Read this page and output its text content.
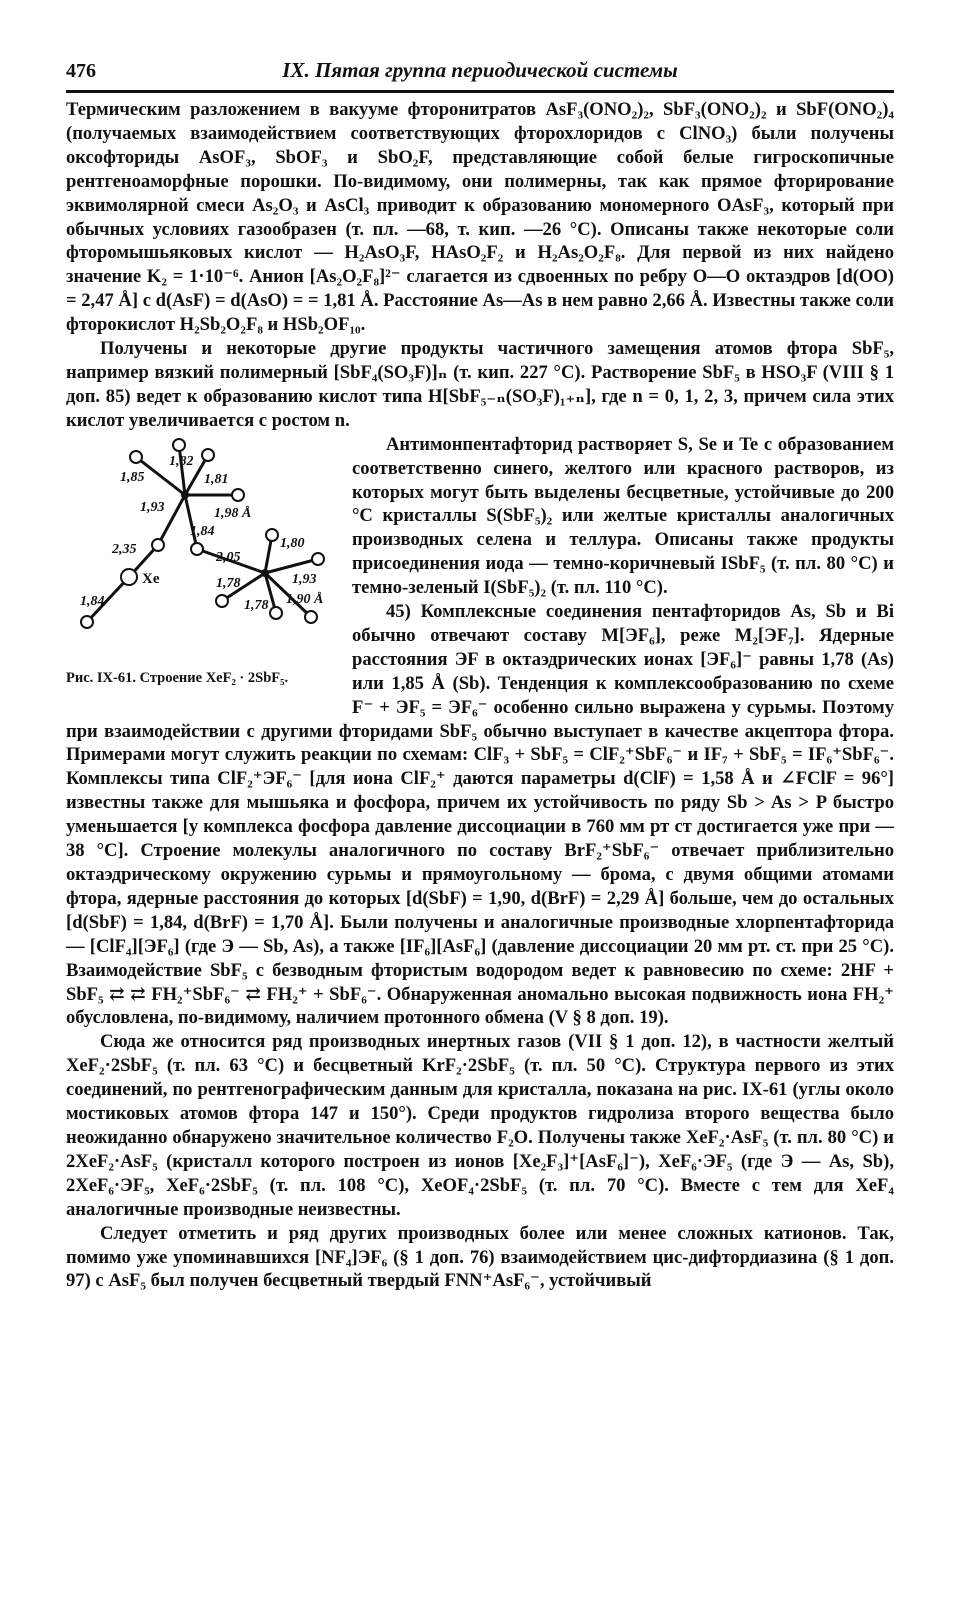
476	IX. Пятая группа периодической системы

Термическим разложением в вакууме фторонитратов AsF₃(ONO₂)₂, SbF₃(ONO₂)₂ и SbF(ONO₂)₄ (получаемых взаимодействием соответствующих фторохлоридов с ClNO₃) были получены оксофториды AsOF₃, SbOF₃ и SbO₂F, представляющие собой белые гигроскопичные рентгеноаморфные порошки. По-видимому, они полимерны, так как прямое фторирование эквимолярной смеси As₂O₃ и AsCl₃ приводит к образованию мономерного OAsF₃, который при обычных условиях газообразен (т. пл. —68, т. кип. —26 °C). Описаны также некоторые соли фторомышьяковых кислот — H₂AsO₃F, HAsO₂F₂ и H₂As₂O₂F₈. Для первой из них найдено значение K₂ = 1·10⁻⁶. Анион [As₂O₂F₈]²⁻ слагается из сдвоенных по ребру O—O октаэдров [d(OO) = 2,47 Å] с d(AsF) = d(AsO) = = 1,81 Å. Расстояние As—As в нем равно 2,66 Å. Известны также соли фторокислот H₂Sb₂O₂F₈ и HSb₂OF₁₀.

Получены и некоторые другие продукты частичного замещения атомов фтора SbF₅, например вязкий полимерный [SbF₄(SO₃F)]ₙ (т. кип. 227 °C). Растворение SbF₅ в HSO₃F (VIII § 1 доп. 85) ведет к образованию кислот типа H[SbF₅₋ₙ(SO₃F)₁₊ₙ], где n = 0, 1, 2, 3, причем сила этих кислот увеличивается с ростом n.

1,85
1,82
1,81
1,93	1,98 Å
1,84
1,80
2,35
2,05
1,93
Xe	1,78
1,90 Å
1,84	1,78
Рис. IX-61. Строение XeF₂ · 2SbF₅.

Антимонпентафторид растворяет S, Se и Te с образованием соответственно синего, желтого или красного растворов, из которых могут быть выделены бесцветные, устойчивые до 200 °C кристаллы S(SbF₅)₂ или желтые кристаллы аналогичных производных селена и теллура. Описаны также продукты присоединения иода — темно-коричневый ISbF₅ (т. пл. 80 °C) и темно-зеленый I(SbF₅)₂ (т. пл. 110 °C).

45) Комплексные соединения пентафторидов As, Sb и Bi обычно отвечают составу M[ЭF₆], реже M₂[ЭF₇]. Ядерные расстояния ЭF в октаэдрических ионах [ЭF₆]⁻ равны 1,78 (As) или 1,85 Å (Sb). Тенденция к комплексообразованию по схеме F⁻ + ЭF₅ = ЭF₆⁻ особенно сильно выражена у сурьмы. Поэтому при взаимодействии с другими фторидами SbF₅ обычно выступает в качестве акцептора фтора. Примерами могут служить реакции по схемам: ClF₃ + SbF₅ = ClF₂⁺SbF₆⁻ и IF₇ + SbF₅ = IF₆⁺SbF₆⁻. Комплексы типа ClF₂⁺ЭF₆⁻ [для иона ClF₂⁺ даются параметры d(ClF) = 1,58 Å и ∠FClF = 96°] известны также для мышьяка и фосфора, причем их устойчивость по ряду Sb > As > P быстро уменьшается [у комплекса фосфора давление диссоциации в 760 мм рт ст достигается уже при —38 °C]. Строение молекулы аналогичного по составу BrF₂⁺SbF₆⁻ отвечает приблизительно октаэдрическому окружению сурьмы и прямоугольному — брома, с двумя общими атомами фтора, ядерные расстояния до которых [d(SbF) = 1,90, d(BrF) = 2,29 Å] больше, чем до остальных [d(SbF) = 1,84, d(BrF) = 1,70 Å]. Были получены и аналогичные производные хлорпентафторида — [ClF₄][ЭF₆] (где Э — Sb, As), а также [IF₆][AsF₆] (давление диссоциации 20 мм рт. ст. при 25 °C). Взаимодействие SbF₅ с безводным фтористым водородом ведет к равновесию по схеме: 2HF + SbF₅ ⇄ ⇄ FH₂⁺SbF₆⁻ ⇄ FH₂⁺ + SbF₆⁻. Обнаруженная аномально высокая подвижность иона FH₂⁺ обусловлена, по-видимому, наличием протонного обмена (V § 8 доп. 19).

Сюда же относится ряд производных инертных газов (VII § 1 доп. 12), в частности желтый XeF₂·2SbF₅ (т. пл. 63 °C) и бесцветный KrF₂·2SbF₅ (т. пл. 50 °C). Структура первого из этих соединений, по рентгенографическим данным для кристалла, показана на рис. IX-61 (углы около мостиковых атомов фтора 147 и 150°). Среди продуктов гидролиза второго вещества было неожиданно обнаружено значительное количество F₂O. Получены также XeF₂·AsF₅ (т. пл. 80 °C) и 2XeF₂·AsF₅ (кристалл которого построен из ионов [Xe₂F₃]⁺[AsF₆]⁻), XeF₆·ЭF₅ (где Э — As, Sb), 2XeF₆·ЭF₅, XeF₆·2SbF₅ (т. пл. 108 °C), XeOF₄·2SbF₅ (т. пл. 70 °C). Вместе с тем для XeF₄ аналогичные производные неизвестны.

Следует отметить и ряд других производных более или менее сложных катионов. Так, помимо уже упоминавшихся [NF₄]ЭF₆ (§ 1 доп. 76) взаимодействием цис-дифтордиазина (§ 1 доп. 97) с AsF₅ был получен бесцветный твердый FNN⁺AsF₆⁻, устойчивый
